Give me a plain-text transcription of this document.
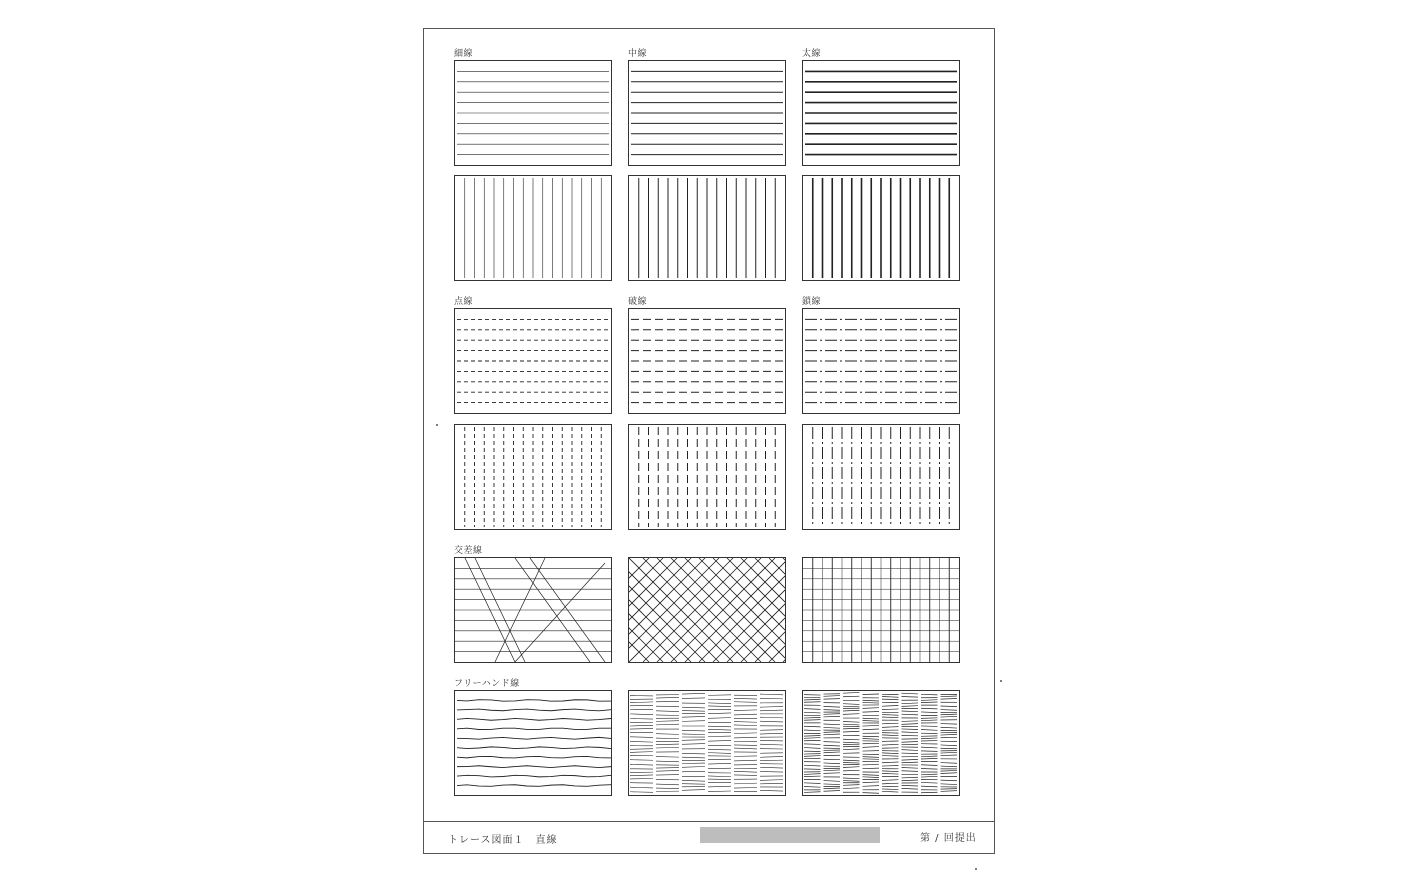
細線	中線	太線
点線	破線	鎖線
交差線
フリーハンド線
トレース図面１　直線	第 / 回提出
